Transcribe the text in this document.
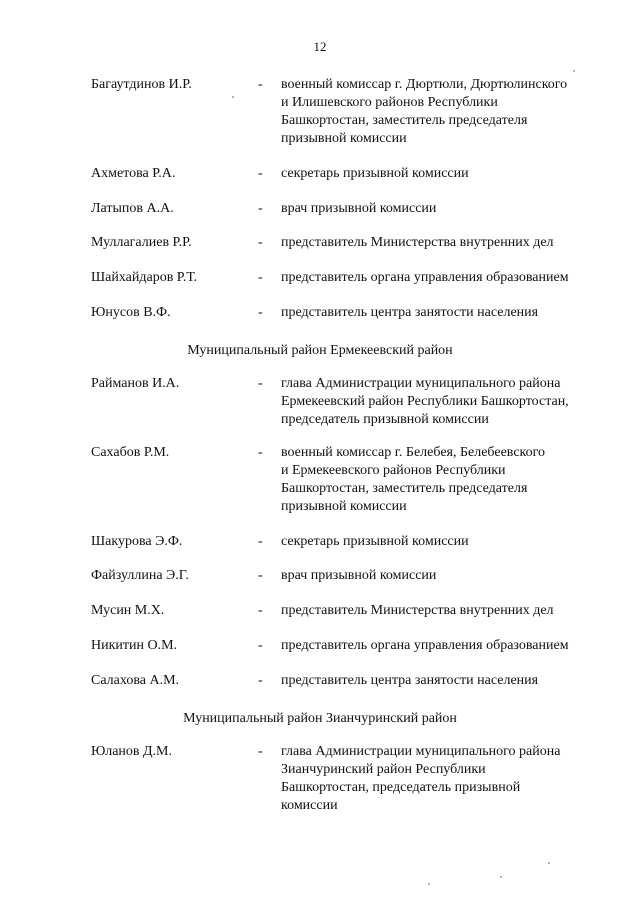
12
Багаутдинов И.Р.	- военный комиссар г. Дюртюли, Дюртюлинского
и Илишевского районов Республики
Башкортостан, заместитель председателя
призывной комиссии
Ахметова Р.А.	- секретарь призывной комиссии
Латыпов А.А.	- врач призывной комиссии
Муллагалиев Р.Р.	- представитель Министерства внутренних дел
Шайхайдаров Р.Т.	- представитель органа управления образованием
Юнусов В.Ф.	- представитель центра занятости населения
Муниципальный район Ермекеевский район
Райманов И.А.	- глава Администрации муниципального района
Ермекеевский район Республики Башкортостан,
председатель призывной комиссии
Сахабов Р.М.	- военный комиссар г. Белебея, Белебеевского
и Ермекеевского районов Республики
Башкортостан, заместитель председателя
призывной комиссии
Шакурова Э.Ф.	- секретарь призывной комиссии
Файзуллина Э.Г.	- врач призывной комиссии
Мусин М.Х.	- представитель Министерства внутренних дел
Никитин О.М.	- представитель органа управления образованием
Салахова А.М.	- представитель центра занятости населения
Муниципальный район Зианчуринский район
Юланов Д.М.	- глава Администрации муниципального района
Зианчуринский район Республики
Башкортостан, председатель призывной
комиссии
